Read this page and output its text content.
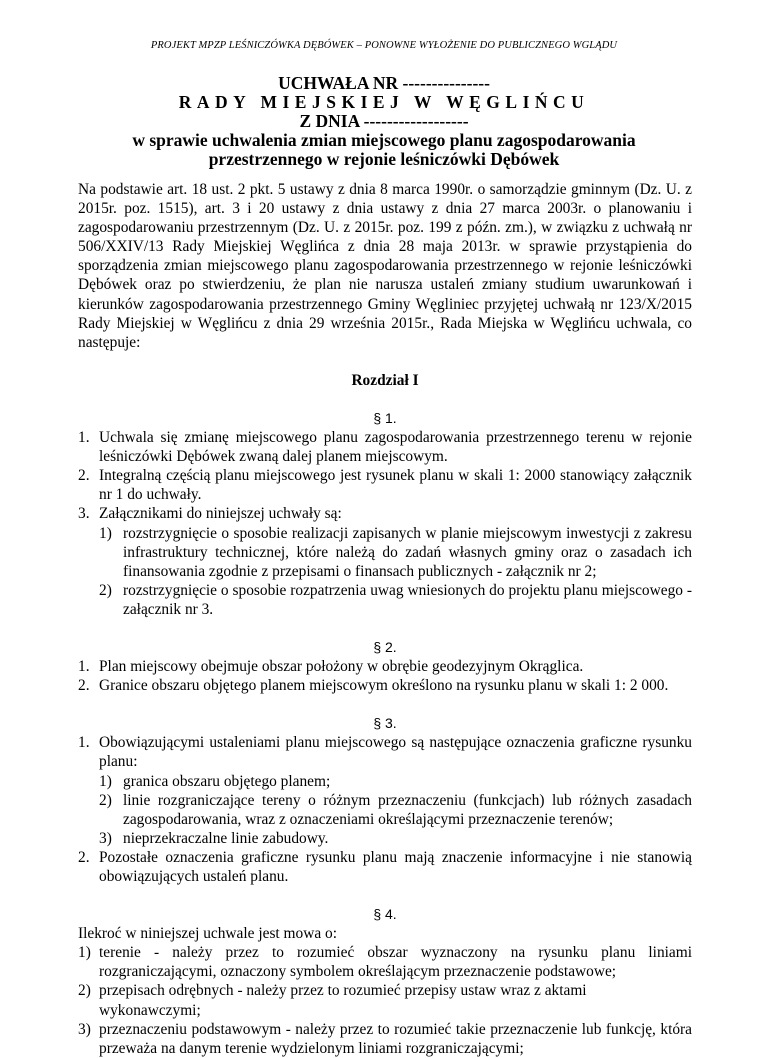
PROJEKT MPZP LEŚNICZÓWKA DĘBÓWEK – PONOWNE WYŁOŻENIE DO PUBLICZNEGO WGLĄDU
UCHWAŁA NR ---------------
RADY MIEJSKIEJ W WĘGLIŃCU
Z DNIA ------------------
w sprawie uchwalenia zmian miejscowego planu zagospodarowania
przestrzennego w rejonie leśniczówki Dębówek
Na podstawie art. 18 ust. 2 pkt. 5 ustawy z dnia 8 marca 1990r. o samorządzie gminnym (Dz. U. z
2015r. poz. 1515), art. 3 i 20 ustawy z dnia ustawy z dnia 27 marca 2003r. o planowaniu i
zagospodarowaniu przestrzennym (Dz. U. z 2015r. poz. 199 z późn. zm.), w związku z uchwałą nr
506/XXIV/13 Rady Miejskiej Węglińca z dnia 28 maja 2013r. w sprawie przystąpienia do
sporządzenia zmian miejscowego planu zagospodarowania przestrzennego w rejonie leśniczówki
Dębówek oraz po stwierdzeniu, że plan nie narusza ustaleń zmiany studium uwarunkowań i
kierunków zagospodarowania przestrzennego Gminy Węgliniec przyjętej uchwałą nr 123/X/2015
Rady Miejskiej w Węglińcu z dnia 29 września 2015r., Rada Miejska w Węglińcu uchwala, co
następuje:
Rozdział I
§ 1.
1. Uchwala się zmianę miejscowego planu zagospodarowania przestrzennego terenu w rejonie
leśniczówki Dębówek zwaną dalej planem miejscowym.
2. Integralną częścią planu miejscowego jest rysunek planu w skali 1: 2000 stanowiący załącznik
nr 1 do uchwały.
3. Załącznikami do niniejszej uchwały są:
1) rozstrzygnięcie o sposobie realizacji zapisanych w planie miejscowym inwestycji z zakresu
infrastruktury technicznej, które należą do zadań własnych gminy oraz o zasadach ich
finansowania zgodnie z przepisami o finansach publicznych - załącznik nr 2;
2) rozstrzygnięcie o sposobie rozpatrzenia uwag wniesionych do projektu planu miejscowego -
załącznik nr 3.
§ 2.
1. Plan miejscowy obejmuje obszar położony w obrębie geodezyjnym Okrąglica.
2. Granice obszaru objętego planem miejscowym określono na rysunku planu w skali 1: 2 000.
§ 3.
1. Obowiązującymi ustaleniami planu miejscowego są następujące oznaczenia graficzne rysunku
planu:
1) granica obszaru objętego planem;
2) linie rozgraniczające tereny o różnym przeznaczeniu (funkcjach) lub różnych zasadach
zagospodarowania, wraz z oznaczeniami określającymi przeznaczenie terenów;
3) nieprzekraczalne linie zabudowy.
2. Pozostałe oznaczenia graficzne rysunku planu mają znaczenie informacyjne i nie stanowią
obowiązujących ustaleń planu.
§ 4.
Ilekroć w niniejszej uchwale jest mowa o:
1) terenie - należy przez to rozumieć obszar wyznaczony na rysunku planu liniami
rozgraniczającymi, oznaczony symbolem określającym przeznaczenie podstawowe;
2) przepisach odrębnych - należy przez to rozumieć przepisy ustaw wraz z aktami wykonawczymi;
3) przeznaczeniu podstawowym - należy przez to rozumieć takie przeznaczenie lub funkcję, która
przeważa na danym terenie wydzielonym liniami rozgraniczającymi;
